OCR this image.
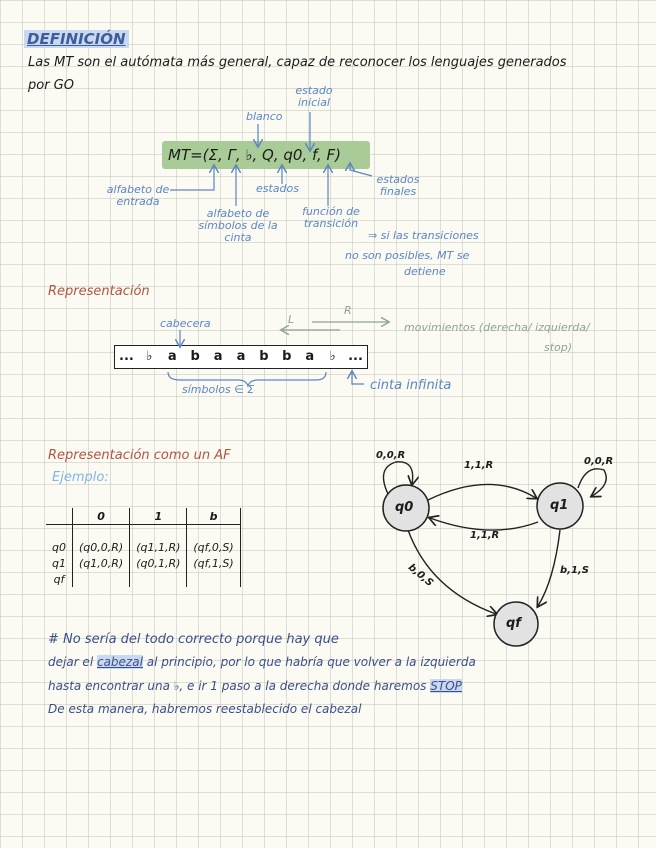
DEFINICIÓN
Las MT son el autómata más general, capaz de reconocer los lenguajes generados
por GO
MT=(Σ, Γ, ♭, Q, q0, f, F)
estado inicial
blanco
estados finales
alfabeto de entrada
estados
alfabeto de símbolos de la cinta
función de transición
⇒ si las transiciones
no son posibles, MT se
detiene
Representación
cabecera	L
R
movimientos (derecha/ izquierda/
stop)
... ♭	a	b	a	a	b	b	a	♭ ...
símbolos ∈ Σ	cinta infinita
Representación como un AF
Ejemplo:
	0	1	b
q0	(q0,0,R)	(q1,1,R)	(qf,0,S)
q1	(q1,0,R)	(q0,1,R)	(qf,1,S)
qf			
q0	q1
qf
0,0,R
1,1,R
1,1,R
0,0,R
b,0,S	b,1,S
# No sería del todo correcto porque hay que
dejar el cabezal al principio, por lo que habría que volver a la izquierda
hasta encontrar una ♭, e ir 1 paso a la derecha donde haremos STOP
De esta manera, habremos reestablecido el cabezal
